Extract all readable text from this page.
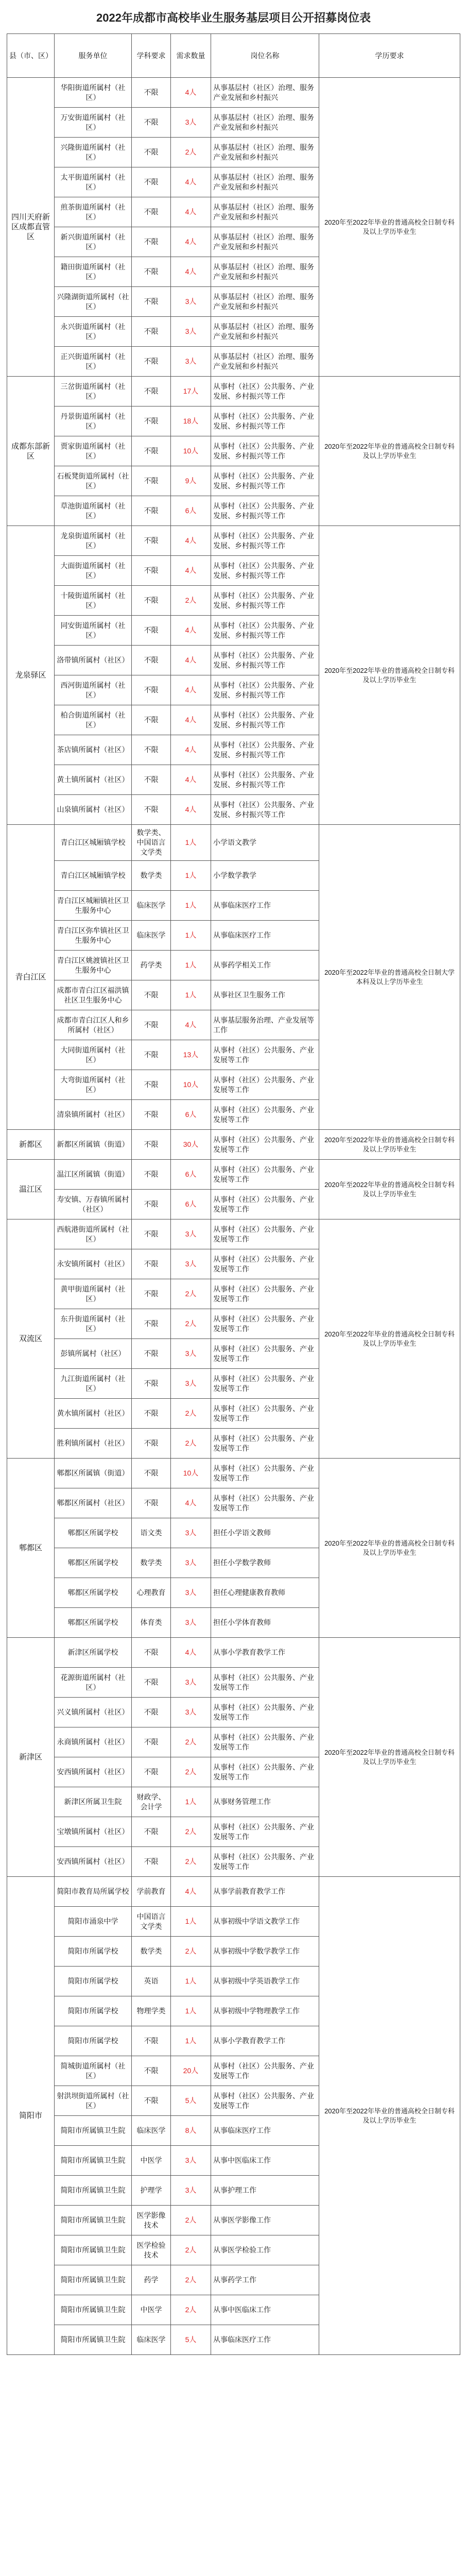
2022年成都市高校毕业生服务基层项目公开招募岗位表
县（市、区）	服务单位	学科要求	需求数量	岗位名称	学历要求
四川天府新区成都直管区	华阳街道所属村（社区）	不限	4人	从事基层村（社区）治理、服务产业发展和乡村振兴	2020年至2022年毕业的普通高校全日制专科及以上学历毕业生
	万安街道所属村（社区）	不限	3人	从事基层村（社区）治理、服务产业发展和乡村振兴	
	兴隆街道所属村（社区）	不限	2人	从事基层村（社区）治理、服务产业发展和乡村振兴	
	太平街道所属村（社区）	不限	4人	从事基层村（社区）治理、服务产业发展和乡村振兴	
	煎茶街道所属村（社区）	不限	4人	从事基层村（社区）治理、服务产业发展和乡村振兴	
	新兴街道所属村（社区）	不限	4人	从事基层村（社区）治理、服务产业发展和乡村振兴	
	籍田街道所属村（社区）	不限	4人	从事基层村（社区）治理、服务产业发展和乡村振兴	
	兴隆湖街道所属村（社区）	不限	3人	从事基层村（社区）治理、服务产业发展和乡村振兴	
	永兴街道所属村（社区）	不限	3人	从事基层村（社区）治理、服务产业发展和乡村振兴	
	正兴街道所属村（社区）	不限	3人	从事基层村（社区）治理、服务产业发展和乡村振兴	
成都东部新区	三岔街道所属村（社区）	不限	17人	从事村（社区）公共服务、产业发展、乡村振兴等工作	2020年至2022年毕业的普通高校全日制专科及以上学历毕业生
	丹景街道所属村（社区）	不限	18人	从事村（社区）公共服务、产业发展、乡村振兴等工作	
	贾家街道所属村（社区）	不限	10人	从事村（社区）公共服务、产业发展、乡村振兴等工作	
	石板凳街道所属村（社区）	不限	9人	从事村（社区）公共服务、产业发展、乡村振兴等工作	
	草池街道所属村（社区）	不限	6人	从事村（社区）公共服务、产业发展、乡村振兴等工作	
龙泉驿区	龙泉街道所属村（社区）	不限	4人	从事村（社区）公共服务、产业发展、乡村振兴等工作	2020年至2022年毕业的普通高校全日制专科及以上学历毕业生
	大面街道所属村（社区）	不限	4人	从事村（社区）公共服务、产业发展、乡村振兴等工作	
	十陵街道所属村（社区）	不限	2人	从事村（社区）公共服务、产业发展、乡村振兴等工作	
	同安街道所属村（社区）	不限	4人	从事村（社区）公共服务、产业发展、乡村振兴等工作	
	洛带镇所属村（社区）	不限	4人	从事村（社区）公共服务、产业发展、乡村振兴等工作	
	西河街道所属村（社区）	不限	4人	从事村（社区）公共服务、产业发展、乡村振兴等工作	
	柏合街道所属村（社区）	不限	4人	从事村（社区）公共服务、产业发展、乡村振兴等工作	
	茶店镇所属村（社区）	不限	4人	从事村（社区）公共服务、产业发展、乡村振兴等工作	
	黄土镇所属村（社区）	不限	4人	从事村（社区）公共服务、产业发展、乡村振兴等工作	
	山泉镇所属村（社区）	不限	4人	从事村（社区）公共服务、产业发展、乡村振兴等工作	
青白江区	青白江区城厢镇学校	数学类、中国语言文学类	1人	小学语文教学	2020年至2022年毕业的普通高校全日制大学本科及以上学历毕业生
	青白江区城厢镇学校	数学类	1人	小学数学教学	
	青白江区城厢镇社区卫生服务中心	临床医学	1人	从事临床医疗工作	
	青白江区弥牟镇社区卫生服务中心	临床医学	1人	从事临床医疗工作	
	青白江区姚渡镇社区卫生服务中心	药学类	1人	从事药学相关工作	
	成都市青白江区福洪镇社区卫生服务中心	不限	1人	从事社区卫生服务工作	
	成都市青白江区人和乡所属村（社区）	不限	4人	从事基层服务治理、产业发展等工作	
	大同街道所属村（社区）	不限	13人	从事村（社区）公共服务、产业发展等工作	
	大弯街道所属村（社区）	不限	10人	从事村（社区）公共服务、产业发展等工作	
	清泉镇所属村（社区）	不限	6人	从事村（社区）公共服务、产业发展等工作	
新都区	新都区所属镇（街道）	不限	30人	从事村（社区）公共服务、产业发展等工作	2020年至2022年毕业的普通高校全日制专科及以上学历毕业生
温江区	温江区所属镇（街道）	不限	6人	从事村（社区）公共服务、产业发展等工作	2020年至2022年毕业的普通高校全日制专科及以上学历毕业生
	寿安镇、万春镇所属村（社区）	不限	6人	从事村（社区）公共服务、产业发展等工作	
双流区	西航港街道所属村（社区）	不限	3人	从事村（社区）公共服务、产业发展等工作	2020年至2022年毕业的普通高校全日制专科及以上学历毕业生
	永安镇所属村（社区）	不限	3人	从事村（社区）公共服务、产业发展等工作	
	黄甲街道所属村（社区）	不限	2人	从事村（社区）公共服务、产业发展等工作	
	东升街道所属村（社区）	不限	2人	从事村（社区）公共服务、产业发展等工作	
	彭镇所属村（社区）	不限	3人	从事村（社区）公共服务、产业发展等工作	
	九江街道所属村（社区）	不限	3人	从事村（社区）公共服务、产业发展等工作	
	黄水镇所属村（社区）	不限	2人	从事村（社区）公共服务、产业发展等工作	
	胜利镇所属村（社区）	不限	2人	从事村（社区）公共服务、产业发展等工作	
郫都区	郫都区所属镇（街道）	不限	10人	从事村（社区）公共服务、产业发展等工作	2020年至2022年毕业的普通高校全日制专科及以上学历毕业生
	郫都区所属村（社区）	不限	4人	从事村（社区）公共服务、产业发展等工作	
	郫都区所属学校	语文类	3人	担任小学语文教师	
	郫都区所属学校	数学类	3人	担任小学数学教师	
	郫都区所属学校	心理教育	3人	担任心理健康教育教师	
	郫都区所属学校	体育类	3人	担任小学体育教师	
新津区	新津区所属学校	不限	4人	从事小学教育教学工作	2020年至2022年毕业的普通高校全日制专科及以上学历毕业生
	花源街道所属村（社区）	不限	3人	从事村（社区）公共服务、产业发展等工作	
	兴义镇所属村（社区）	不限	3人	从事村（社区）公共服务、产业发展等工作	
	永商镇所属村（社区）	不限	2人	从事村（社区）公共服务、产业发展等工作	
	安西镇所属村（社区）	不限	2人	从事村（社区）公共服务、产业发展等工作	
	新津区所属卫生院	财政学、会计学	1人	从事财务管理工作	
	宝墩镇所属村（社区）	不限	2人	从事村（社区）公共服务、产业发展等工作	
	安西镇所属村（社区）	不限	2人	从事村（社区）公共服务、产业发展等工作	
简阳市	简阳市教育局所属学校	学前教育	4人	从事学前教育教学工作	2020年至2022年毕业的普通高校全日制专科及以上学历毕业生
	简阳市涌泉中学	中国语言文学类	1人	从事初级中学语文教学工作	
	简阳市所属学校	数学类	2人	从事初级中学数学教学工作	
	简阳市所属学校	英语	1人	从事初级中学英语教学工作	
	简阳市所属学校	物理学类	1人	从事初级中学物理教学工作	
	简阳市所属学校	不限	1人	从事小学教育教学工作	
	简城街道所属村（社区）	不限	20人	从事村（社区）公共服务、产业发展等工作	
	射洪坝街道所属村（社区）	不限	5人	从事村（社区）公共服务、产业发展等工作	
	简阳市所属镇卫生院	临床医学	8人	从事临床医疗工作	
	简阳市所属镇卫生院	中医学	3人	从事中医临床工作	
	简阳市所属镇卫生院	护理学	3人	从事护理工作	
	简阳市所属镇卫生院	医学影像技术	2人	从事医学影像工作	
	简阳市所属镇卫生院	医学检验技术	2人	从事医学检验工作	
	简阳市所属镇卫生院	药学	2人	从事药学工作	
	简阳市所属镇卫生院	中医学	2人	从事中医临床工作	
	简阳市所属镇卫生院	临床医学	5人	从事临床医疗工作	
